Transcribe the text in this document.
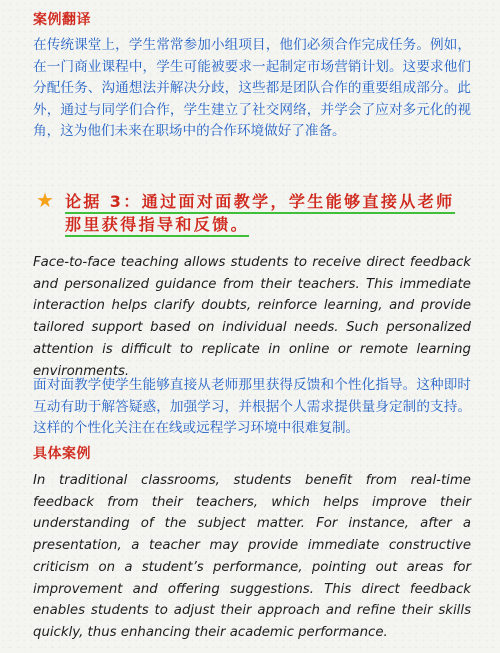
案例翻译

在传统课堂上，学生常常参加小组项目，他们必须合作完成任务。例如，在一门商业课程中，学生可能被要求一起制定市场营销计划。这要求他们分配任务、沟通想法并解决分歧，这些都是团队合作的重要组成部分。此外，通过与同学们合作，学生建立了社交网络，并学会了应对多元化的视角，这为他们未来在职场中的合作环境做好了准备。

★ 论据 3：通过面对面教学，学生能够直接从老师
那里获得指导和反馈。

Face-to-face teaching allows students to receive direct feedback and personalized guidance from their teachers. This immediate interaction helps clarify doubts, reinforce learning, and provide tailored support based on individual needs. Such personalized attention is difficult to replicate in online or remote learning environments.

面对面教学使学生能够直接从老师那里获得反馈和个性化指导。这种即时互动有助于解答疑惑，加强学习，并根据个人需求提供量身定制的支持。这样的个性化关注在在线或远程学习环境中很难复制。

具体案例

In traditional classrooms, students benefit from real-time feedback from their teachers, which helps improve their understanding of the subject matter. For instance, after a presentation, a teacher may provide immediate constructive criticism on a student’s performance, pointing out areas for improvement and offering suggestions. This direct feedback enables students to adjust their approach and refine their skills quickly, thus enhancing their academic performance.
